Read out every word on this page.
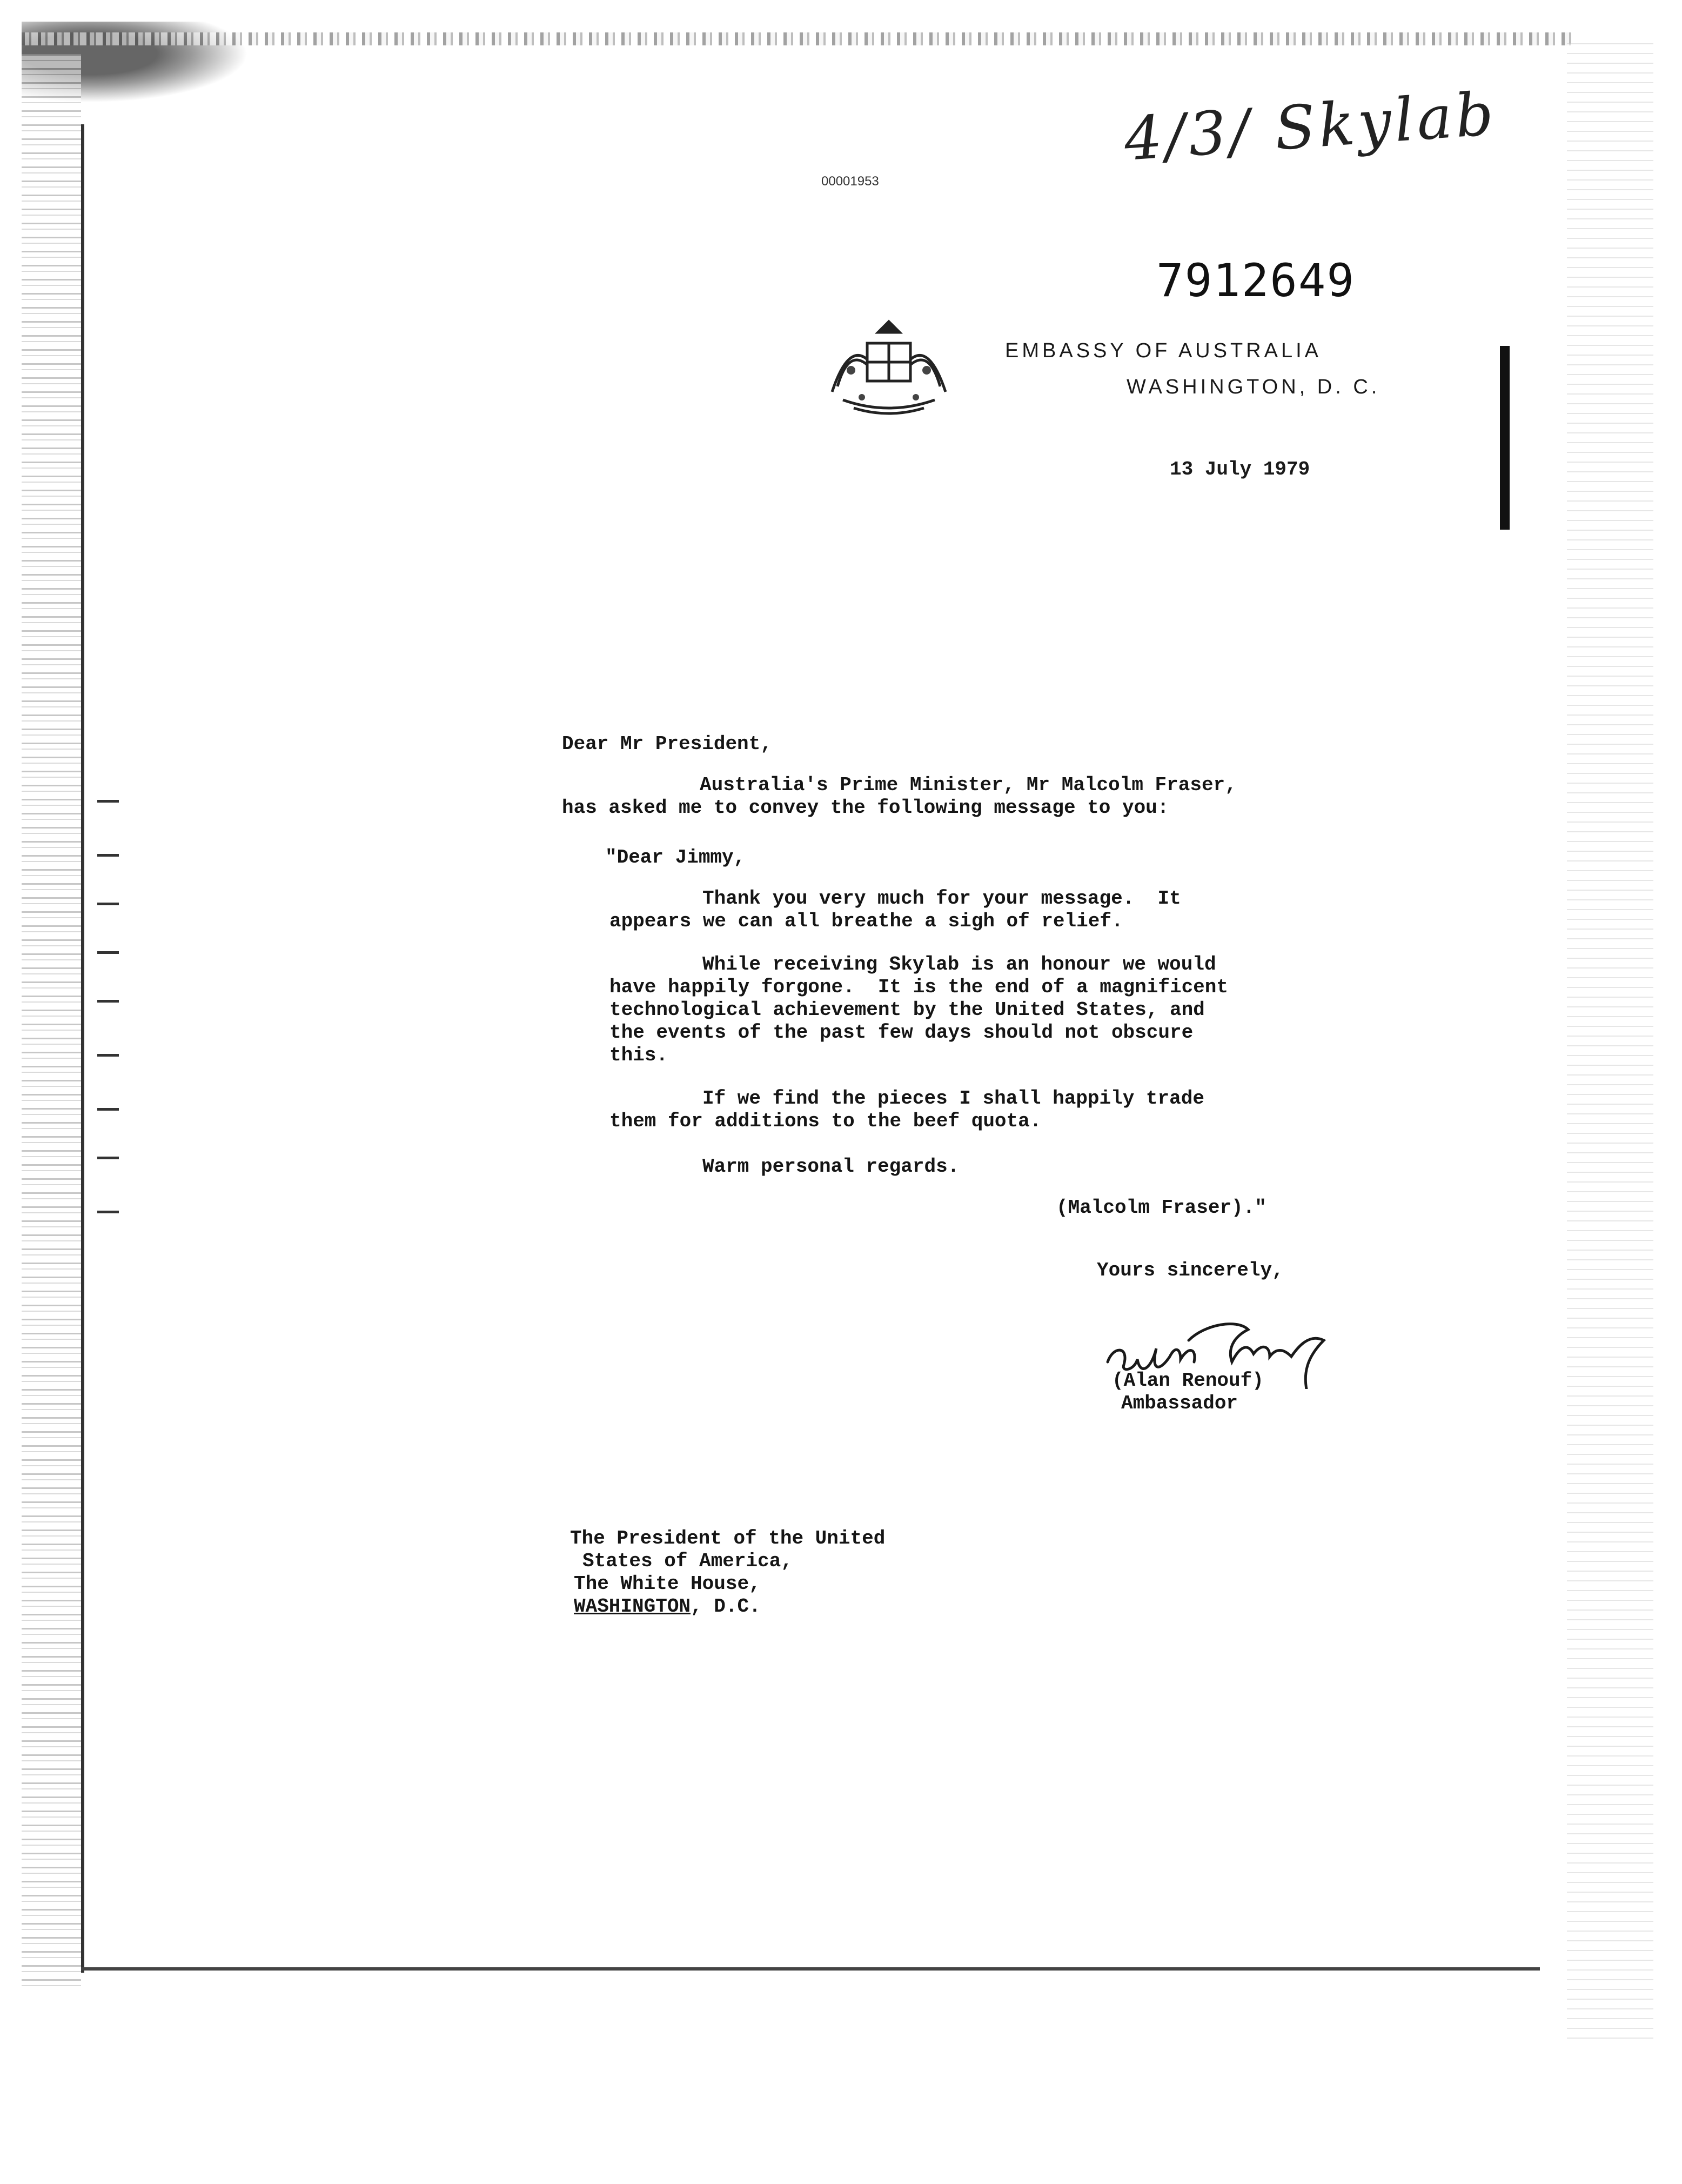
00001953
4/3/ Skylab
7912649
EMBASSY OF AUSTRALIA
WASHINGTON, D. C.
13 July 1979
Dear Mr President,
Australia's Prime Minister, Mr Malcolm Fraser,
has asked me to convey the following message to you:
"Dear Jimmy,
Thank you very much for your message.  It
appears we can all breathe a sigh of relief.
While receiving Skylab is an honour we would
have happily forgone.  It is the end of a magnificent
technological achievement by the United States, and
the events of the past few days should not obscure
this.
If we find the pieces I shall happily trade
them for additions to the beef quota.
Warm personal regards.
(Malcolm Fraser)."
Yours sincerely,
(Alan Renouf)
Ambassador
The President of the United
States of America,
The White House,
WASHINGTON, D.C.
